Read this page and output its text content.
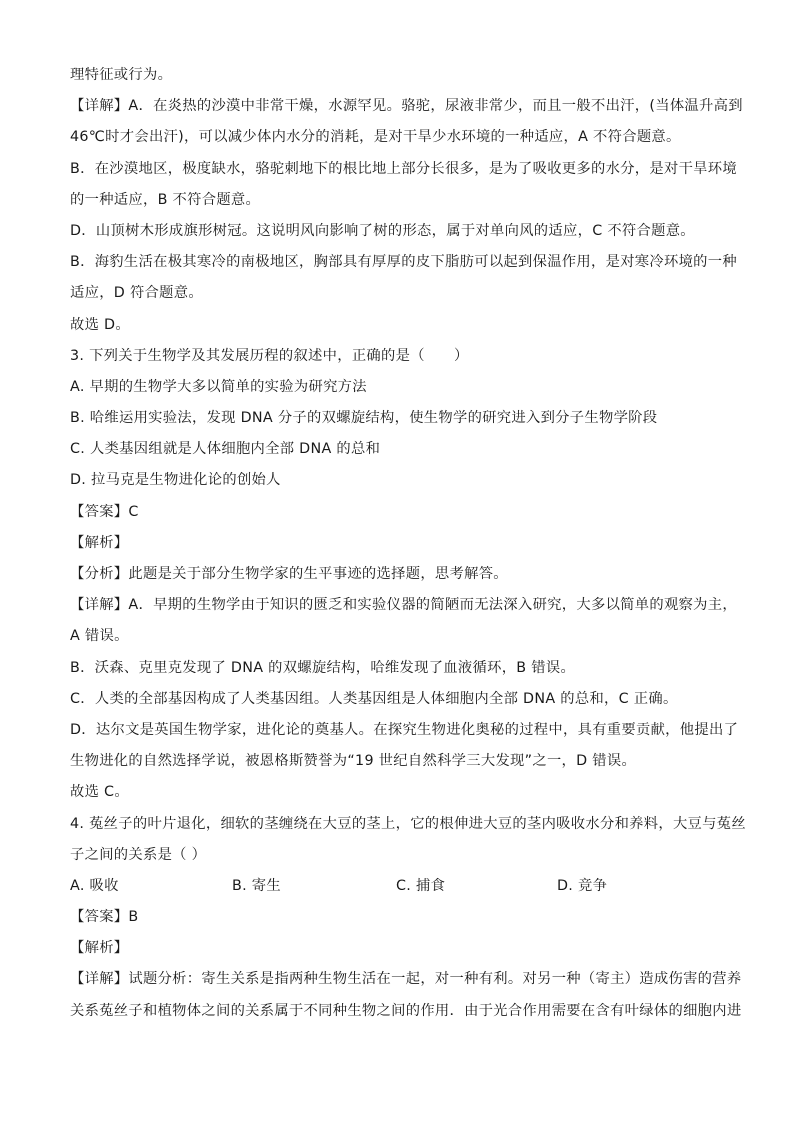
理特征或行为。
【详解】A．在炎热的沙漠中非常干燥，水源罕见。骆驼，尿液非常少，而且一般不出汗，(当体温升高到
46℃时才会出汗)，可以减少体内水分的消耗，是对干旱少水环境的一种适应，A 不符合题意。
B．在沙漠地区，极度缺水，骆驼刺地下的根比地上部分长很多，是为了吸收更多的水分，是对干旱环境
的一种适应，B 不符合题意。
D．山顶树木形成旗形树冠。这说明风向影响了树的形态，属于对单向风的适应，C 不符合题意。
B．海豹生活在极其寒冷的南极地区，胸部具有厚厚的皮下脂肪可以起到保温作用，是对寒冷环境的一种
适应，D 符合题意。
故选 D。
3. 下列关于生物学及其发展历程的叙述中，正确的是（　　）
A. 早期的生物学大多以简单的实验为研究方法
B. 哈维运用实验法，发现 DNA 分子的双螺旋结构，使生物学的研究进入到分子生物学阶段
C. 人类基因组就是人体细胞内全部 DNA 的总和
D. 拉马克是生物进化论的创始人
【答案】C
【解析】
【分析】此题是关于部分生物学家的生平事迹的选择题，思考解答。
【详解】A．早期的生物学由于知识的匮乏和实验仪器的简陋而无法深入研究，大多以简单的观察为主，
A 错误。
B．沃森、克里克发现了 DNA 的双螺旋结构，哈维发现了血液循环，B 错误。
C．人类的全部基因构成了人类基因组。人类基因组是人体细胞内全部 DNA 的总和，C 正确。
D．达尔文是英国生物学家，进化论的奠基人。在探究生物进化奥秘的过程中，具有重要贡献，他提出了
生物进化的自然选择学说，被恩格斯赞誉为“19 世纪自然科学三大发现”之一，D 错误。
故选 C。
4. 菟丝子的叶片退化，细软的茎缠绕在大豆的茎上，它的根伸进大豆的茎内吸收水分和养料，大豆与菟丝
子之间的关系是（ ）
A. 吸收	B. 寄生	C. 捕食	D. 竞争
【答案】B
【解析】
【详解】试题分析：寄生关系是指两种生物生活在一起，对一种有利。对另一种（寄主）造成伤害的营养
关系菟丝子和植物体之间的关系属于不同种生物之间的作用．由于光合作用需要在含有叶绿体的细胞内进
